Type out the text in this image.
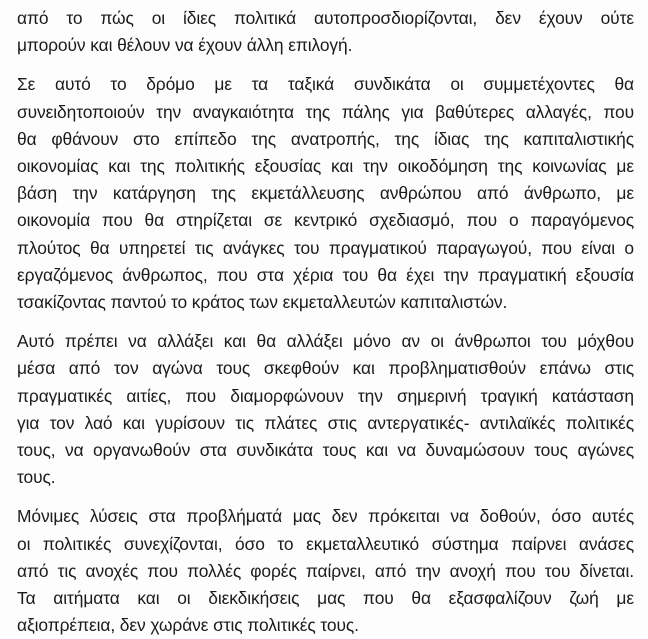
από το πώς οι ίδιες πολιτικά αυτοπροσδιορίζονται, δεν έχουν ούτε
μπορούν και θέλουν να έχουν άλλη επιλογή.

Σε αυτό το δρόμο με τα ταξικά συνδικάτα οι συμμετέχοντες θα
συνειδητοποιούν την αναγκαιότητα της πάλης για βαθύτερες αλλαγές, που
θα φθάνουν στο επίπεδο της ανατροπής, της ίδιας της καπιταλιστικής
οικονομίας και της πολιτικής εξουσίας και την οικοδόμηση της κοινωνίας με
βάση την κατάργηση της εκμετάλλευσης ανθρώπου από άνθρωπο, με
οικονομία που θα στηρίζεται σε κεντρικό σχεδιασμό, που ο παραγόμενος
πλούτος θα υπηρετεί τις ανάγκες του πραγματικού παραγωγού, που είναι ο
εργαζόμενος άνθρωπος, που στα χέρια του θα έχει την πραγματική εξουσία
τσακίζοντας παντού το κράτος των εκμεταλλευτών καπιταλιστών.

Αυτό πρέπει να αλλάξει και θα αλλάξει μόνο αν οι άνθρωποι του μόχθου
μέσα από τον αγώνα τους σκεφθούν και προβληματισθούν επάνω στις
πραγματικές αιτίες, που διαμορφώνουν την σημερινή τραγική κατάσταση
για τον λαό και γυρίσουν τις πλάτες στις αντεργατικές- αντιλαϊκές πολιτικές
τους, να οργανωθούν στα συνδικάτα τους και να δυναμώσουν τους αγώνες
τους.

Μόνιμες λύσεις στα προβλήματά μας δεν πρόκειται να δοθούν, όσο αυτές
οι πολιτικές συνεχίζονται, όσο το εκμεταλλευτικό σύστημα παίρνει ανάσες
από τις ανοχές που πολλές φορές παίρνει, από την ανοχή που του δίνεται.
Τα αιτήματα και οι διεκδικήσεις μας που θα εξασφαλίζουν ζωή με
αξιοπρέπεια, δεν χωράνε στις πολιτικές τους.
